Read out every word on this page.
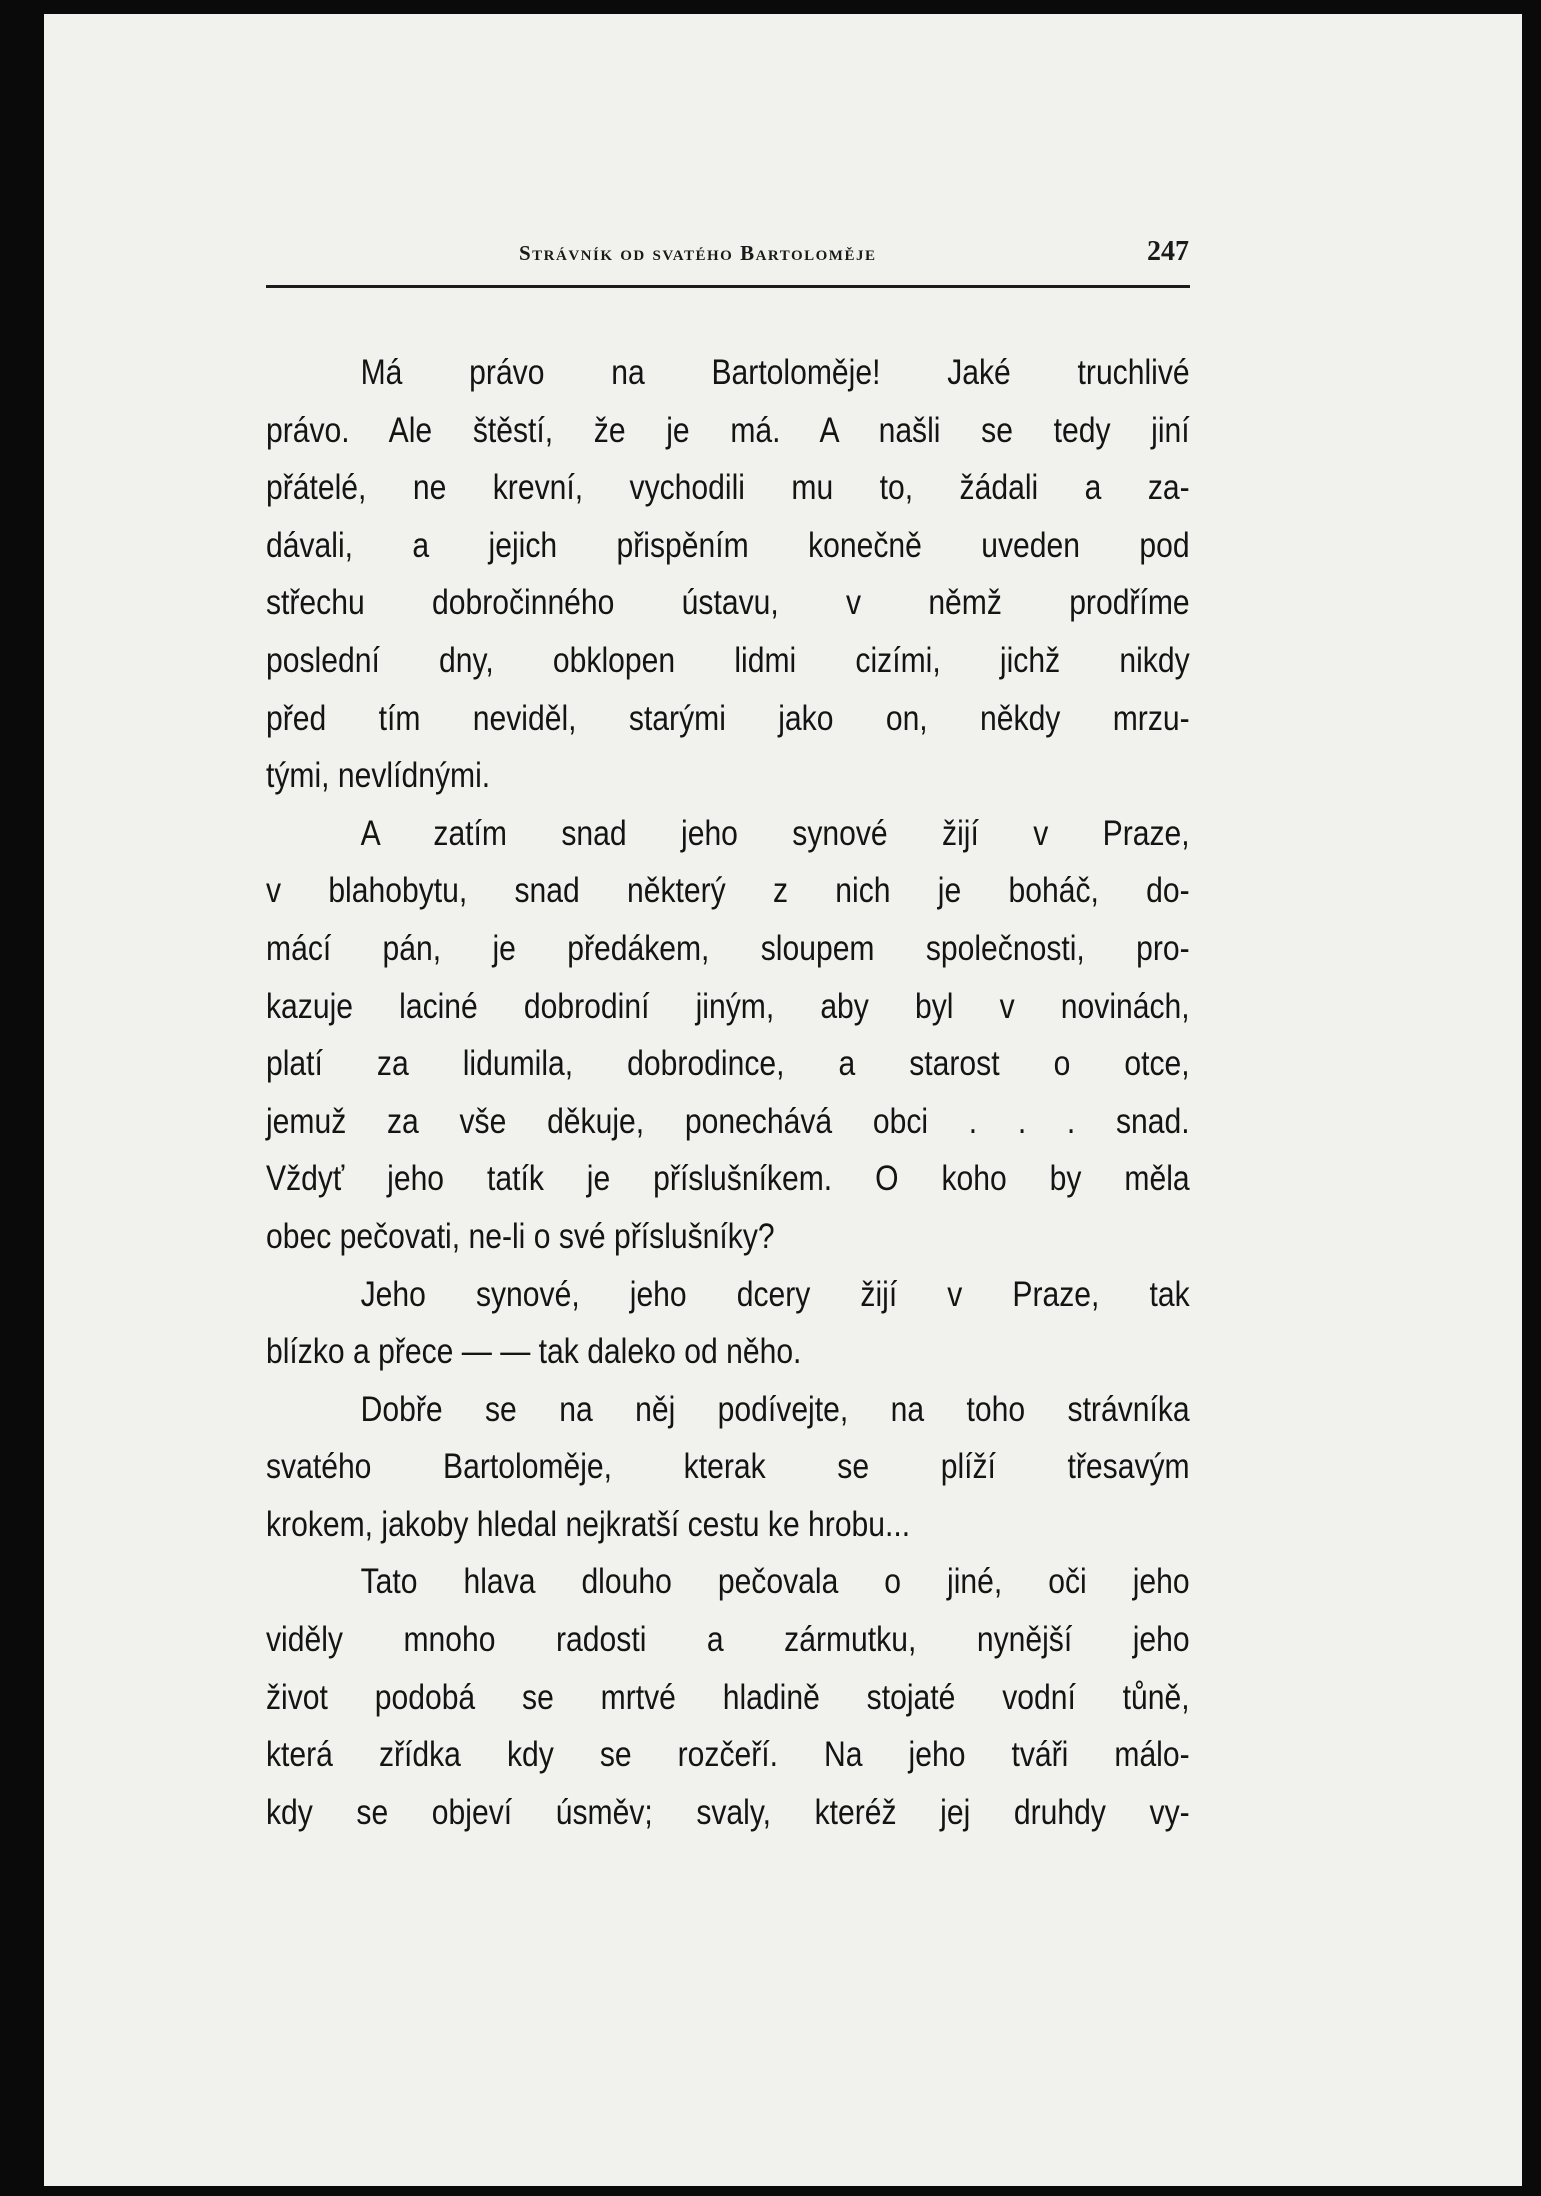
Strávník od svatého Bartoloměje	247
Má právo na Bartoloměje! Jaké truchlivé
právo. Ale štěstí, že je má. A našli se tedy jiní
přátelé, ne krevní, vychodili mu to, žádali a za-
dávali, a jejich přispěním konečně uveden pod
střechu dobročinného ústavu, v němž prodříme
poslední dny, obklopen lidmi cizími, jichž nikdy
před tím neviděl, starými jako on, někdy mrzu-
tými, nevlídnými.
A zatím snad jeho synové žijí v Praze,
v blahobytu, snad některý z nich je boháč, do-
mácí pán, je předákem, sloupem společnosti, pro-
kazuje laciné dobrodiní jiným, aby byl v novinách,
platí za lidumila, dobrodince, a starost o otce,
jemuž za vše děkuje, ponechává obci . . . snad.
Vždyť jeho tatík je příslušníkem. O koho by měla
obec pečovati, ne-li o své příslušníky?
Jeho synové, jeho dcery žijí v Praze, tak
blízko a přece — — tak daleko od něho.
Dobře se na něj podívejte, na toho strávníka
svatého Bartoloměje, kterak se plíží třesavým
krokem, jakoby hledal nejkratší cestu ke hrobu...
Tato hlava dlouho pečovala o jiné, oči jeho
viděly mnoho radosti a zármutku, nynější jeho
život podobá se mrtvé hladině stojaté vodní tůně,
která zřídka kdy se rozčeří. Na jeho tváři málo-
kdy se objeví úsměv; svaly, kteréž jej druhdy vy-
